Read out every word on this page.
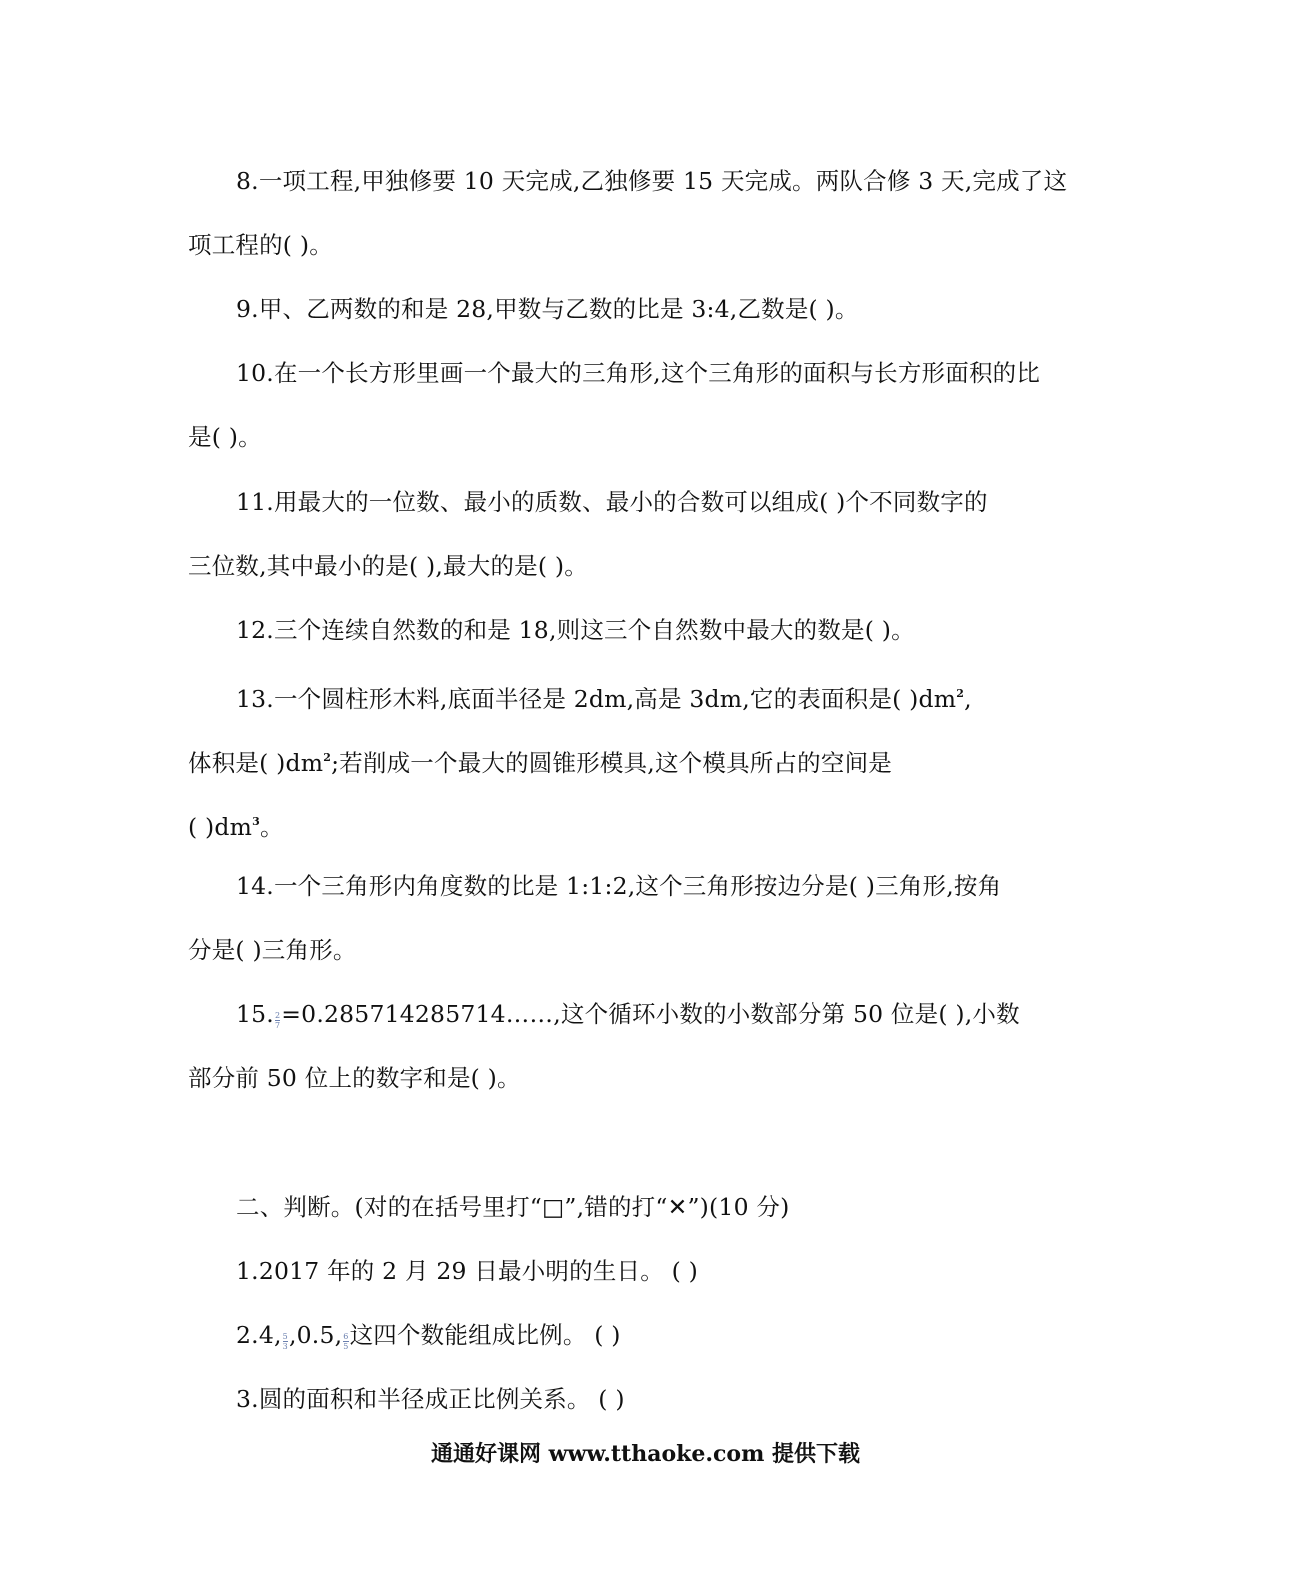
8.一项工程,甲独修要 10 天完成,乙独修要 15 天完成。两队合修 3 天,完成了这
项工程的( )。
9.甲、乙两数的和是 28,甲数与乙数的比是 3:4,乙数是( )。
10.在一个长方形里画一个最大的三角形,这个三角形的面积与长方形面积的比
是( )。
11.用最大的一位数、最小的质数、最小的合数可以组成( )个不同数字的
三位数,其中最小的是( ),最大的是( )。
12.三个连续自然数的和是 18,则这三个自然数中最大的数是( )。
13.一个圆柱形木料,底面半径是 2dm,高是 3dm,它的表面积是( )$dm^2$,
体积是( )$dm^2$;若削成一个最大的圆锥形模具,这个模具所占的空间是
( )$dm^3$。
14.一个三角形内角度数的比是 1:1:2,这个三角形按边分是( )三角形,按角
分是( )三角形。
15. $\frac{2}{7}$ =0.285714285714……,这个循环小数的小数部分第 50 位是( ),小数
部分前 50 位上的数字和是( )。
二、判断。(对的在括号里打“□”,错的打“✕”)(10 分)
1.2017 年的 2 月 29 日最小明的生日。 ( )
2.4, $\frac{5}{3} ,0.5$, $\frac{6}{5}$ 这四个数能组成比例。 ( )
3.圆的面积和半径成正比例关系。 ( )
通通好课网 www.tthaoke.com 提供下载
